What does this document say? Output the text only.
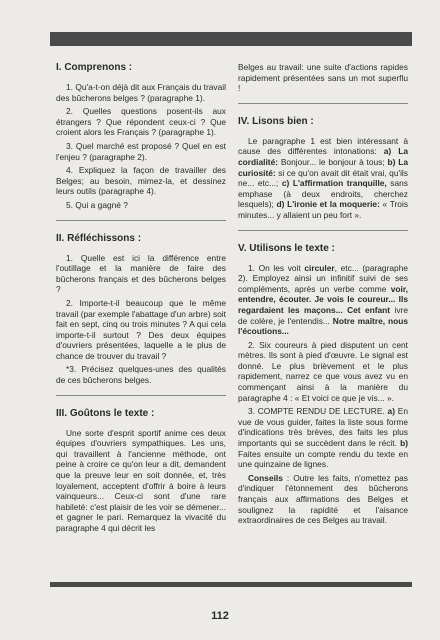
I. Comprenons :

1. Qu'a-t-on déjà dit aux Français du travail des bûcherons belges ? (paragraphe 1).

2. Quelles questions posent-ils aux étrangers ? Que répondent ceux-ci ? Que croient alors les Français ? (paragraphe 1).

3. Quel marché est proposé ? Quel en est l'enjeu ? (paragraphe 2).

4. Expliquez la façon de travailler des Belges; au besoin, mimez-la, et dessinez leurs outils (paragraphe 4).

5. Qui a gagné ?

II. Réfléchissons :

1. Quelle est ici la différence entre l'outillage et la manière de faire des bûcherons français et des bûcherons belges ?

2. Importe-t-il beaucoup que le même travail (par exemple l'abattage d'un arbre) soit fait en sept, cinq ou trois minutes ? A qui cela importe-t-il surtout ? Des deux équipes d'ouvriers présentées, laquelle a le plus de chance de trouver du travail ?

*3. Précisez quelques-unes des qualités de ces bûcherons belges.

III. Goûtons le texte :

Une sorte d'esprit sportif anime ces deux équipes d'ouvriers sympathiques. Les uns, qui travaillent à l'ancienne méthode, ont peine à croire ce qu'on leur a dit, demandent que la preuve leur en soit donnée, et, très loyalement, acceptent d'offrir à boire à leurs vainqueurs... Ceux-ci sont d'une rare habileté: c'est plaisir de les voir se démener... et gagner le pari. Remarquez la vivacité du paragraphe 4 qui décrit les

Belges au travail: une suite d'actions rapides rapidement présentées sans un mot superflu !

IV. Lisons bien :

Le paragraphe 1 est bien intéressant à cause des différentes intonations: a) La cordialité: Bonjour... le bonjour à tous; b) La curiosité: si ce qu'on avait dit était vrai, qu'ils ne... etc...; c) L'affirmation tranquille, sans emphase (à deux endroits, cherchez lesquels); d) L'ironie et la moquerie: « Trois minutes... y allaient un peu fort ».

V. Utilisons le texte :

1. On les voit circuler, etc... (paragraphe 2). Employez ainsi un infinitif suivi de ses compléments, après un verbe comme voir, entendre, écouter. Je vois le coureur... Ils regardaient les maçons... Cet enfant ivre de colère, je l'entendis... Notre maître, nous l'écoutions...

2. Six coureurs à pied disputent un cent mètres. Ils sont à pied d'œuvre. Le signal est donné. Le plus brièvement et le plus rapidement, narrez ce que vous avez vu en commençant ainsi à la manière du paragraphe 4 : « Et voici ce que je vis... ».

3. COMPTE RENDU DE LECTURE. a) En vue de vous guider, faites la liste sous forme d'indications très brèves, des faits les plus importants qui se succèdent dans le récit. b) Faites ensuite un compte rendu du texte en une quinzaine de lignes.

Conseils : Outre les faits, n'omettez pas d'indiquer l'étonnement des bûcherons français aux affirmations des Belges et soulignez la rapidité et l'aisance extraordinaires de ces Belges au travail.

112
